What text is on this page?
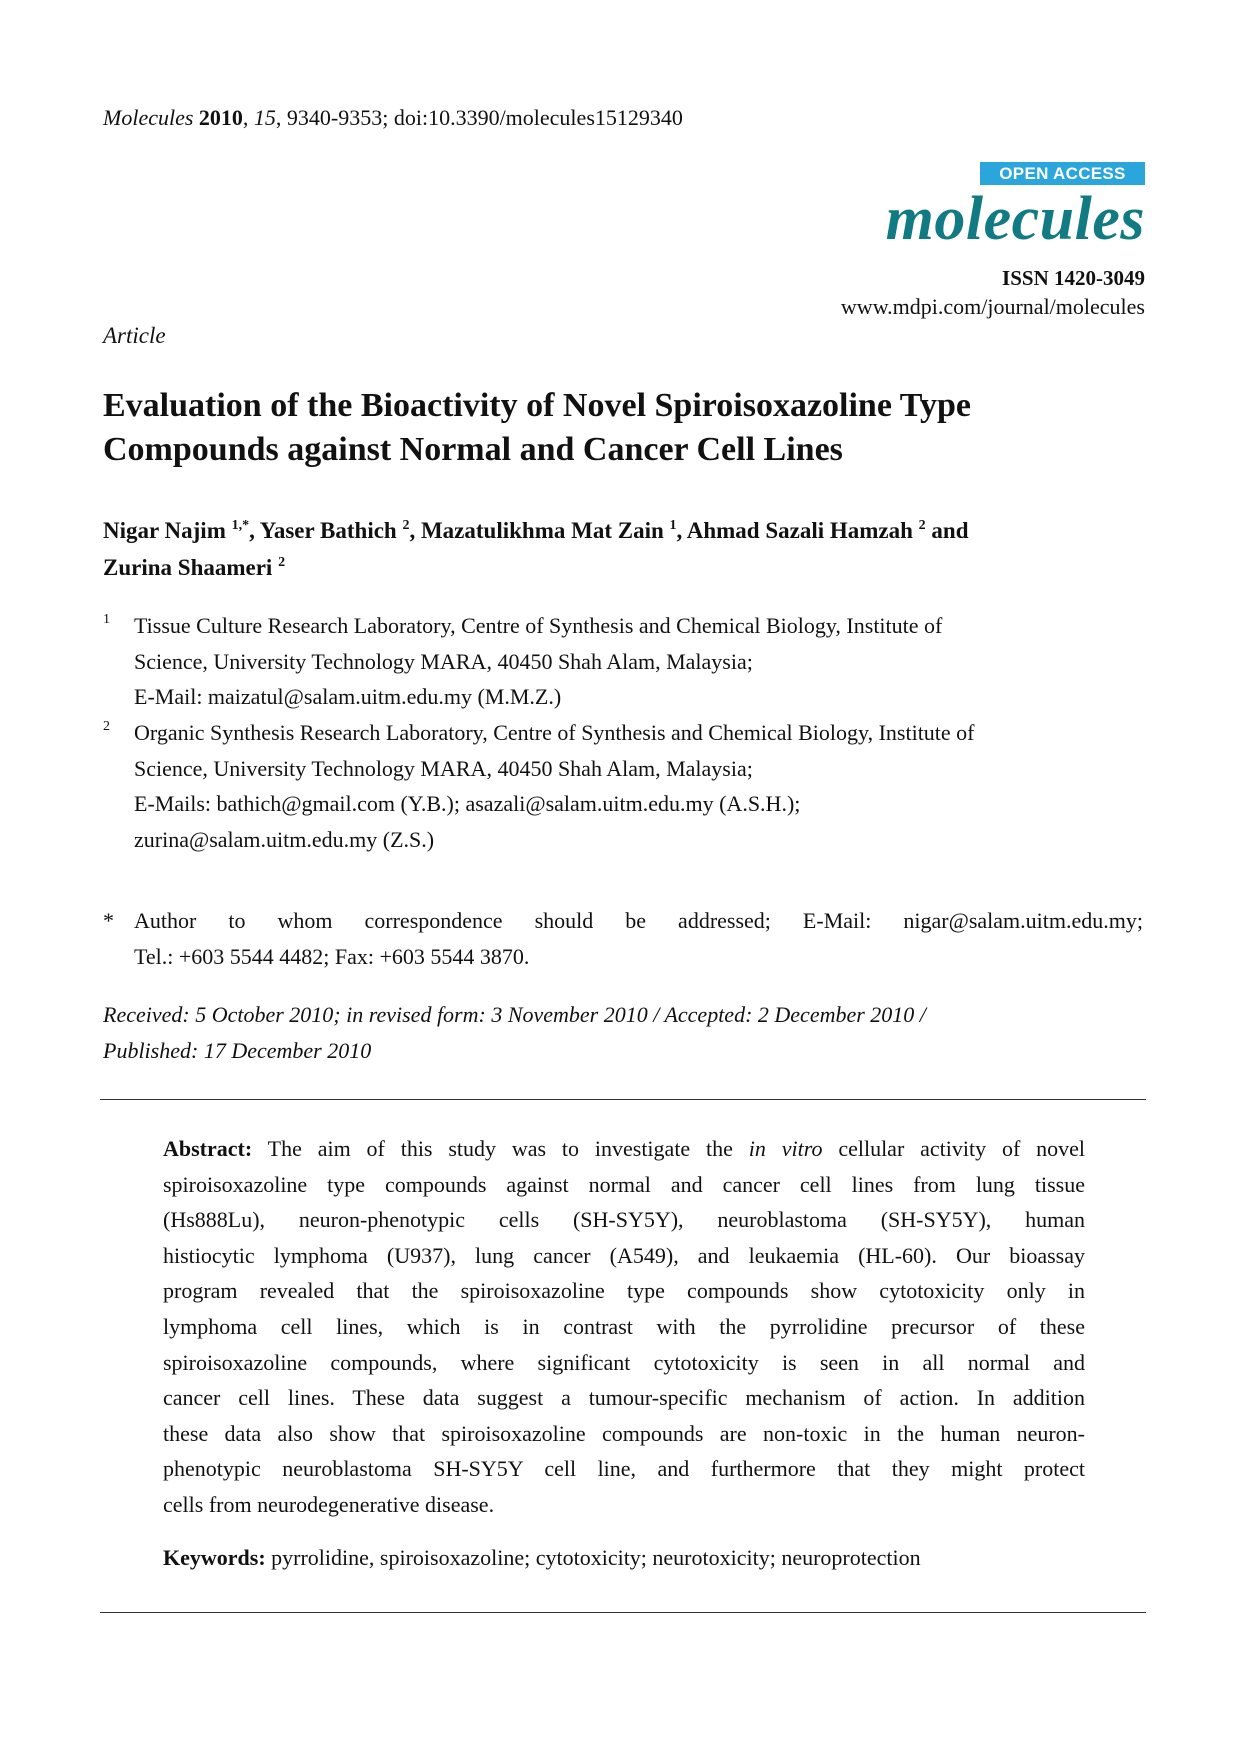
Molecules 2010, 15, 9340-9353; doi:10.3390/molecules15129340
OPEN ACCESS
molecules
ISSN 1420-3049
www.mdpi.com/journal/molecules
Article
Evaluation of the Bioactivity of Novel Spiroisoxazoline Type
Compounds against Normal and Cancer Cell Lines
Nigar Najim $^{1,*}$, Yaser Bathich $^2$, Mazatulikhma Mat Zain $^1$, Ahmad Sazali Hamzah $^2$ and
Zurina Shaameri $^2$
1 Tissue Culture Research Laboratory, Centre of Synthesis and Chemical Biology, Institute of
Science, University Technology MARA, 40450 Shah Alam, Malaysia;
E-Mail: maizatul@salam.uitm.edu.my (M.M.Z.)
2 Organic Synthesis Research Laboratory, Centre of Synthesis and Chemical Biology, Institute of
Science, University Technology MARA, 40450 Shah Alam, Malaysia;
E-Mails: bathich@gmail.com (Y.B.); asazali@salam.uitm.edu.my (A.S.H.);
zurina@salam.uitm.edu.my (Z.S.)
* Author to whom correspondence should be addressed; E-Mail: nigar@salam.uitm.edu.my;
Tel.: +603 5544 4482; Fax: +603 5544 3870.
Received: 5 October 2010; in revised form: 3 November 2010 / Accepted: 2 December 2010 /
Published: 17 December 2010
Abstract: The aim of this study was to investigate the in vitro cellular activity of novel
spiroisoxazoline type compounds against normal and cancer cell lines from lung tissue
(Hs888Lu), neuron-phenotypic cells (SH-SY5Y), neuroblastoma (SH-SY5Y), human
histiocytic lymphoma (U937), lung cancer (A549), and leukaemia (HL-60). Our bioassay
program revealed that the spiroisoxazoline type compounds show cytotoxicity only in
lymphoma cell lines, which is in contrast with the pyrrolidine precursor of these
spiroisoxazoline compounds, where significant cytotoxicity is seen in all normal and
cancer cell lines. These data suggest a tumour-specific mechanism of action. In addition
these data also show that spiroisoxazoline compounds are non-toxic in the human neuron-
phenotypic neuroblastoma SH-SY5Y cell line, and furthermore that they might protect
cells from neurodegenerative disease.
Keywords: pyrrolidine, spiroisoxazoline; cytotoxicity; neurotoxicity; neuroprotection
